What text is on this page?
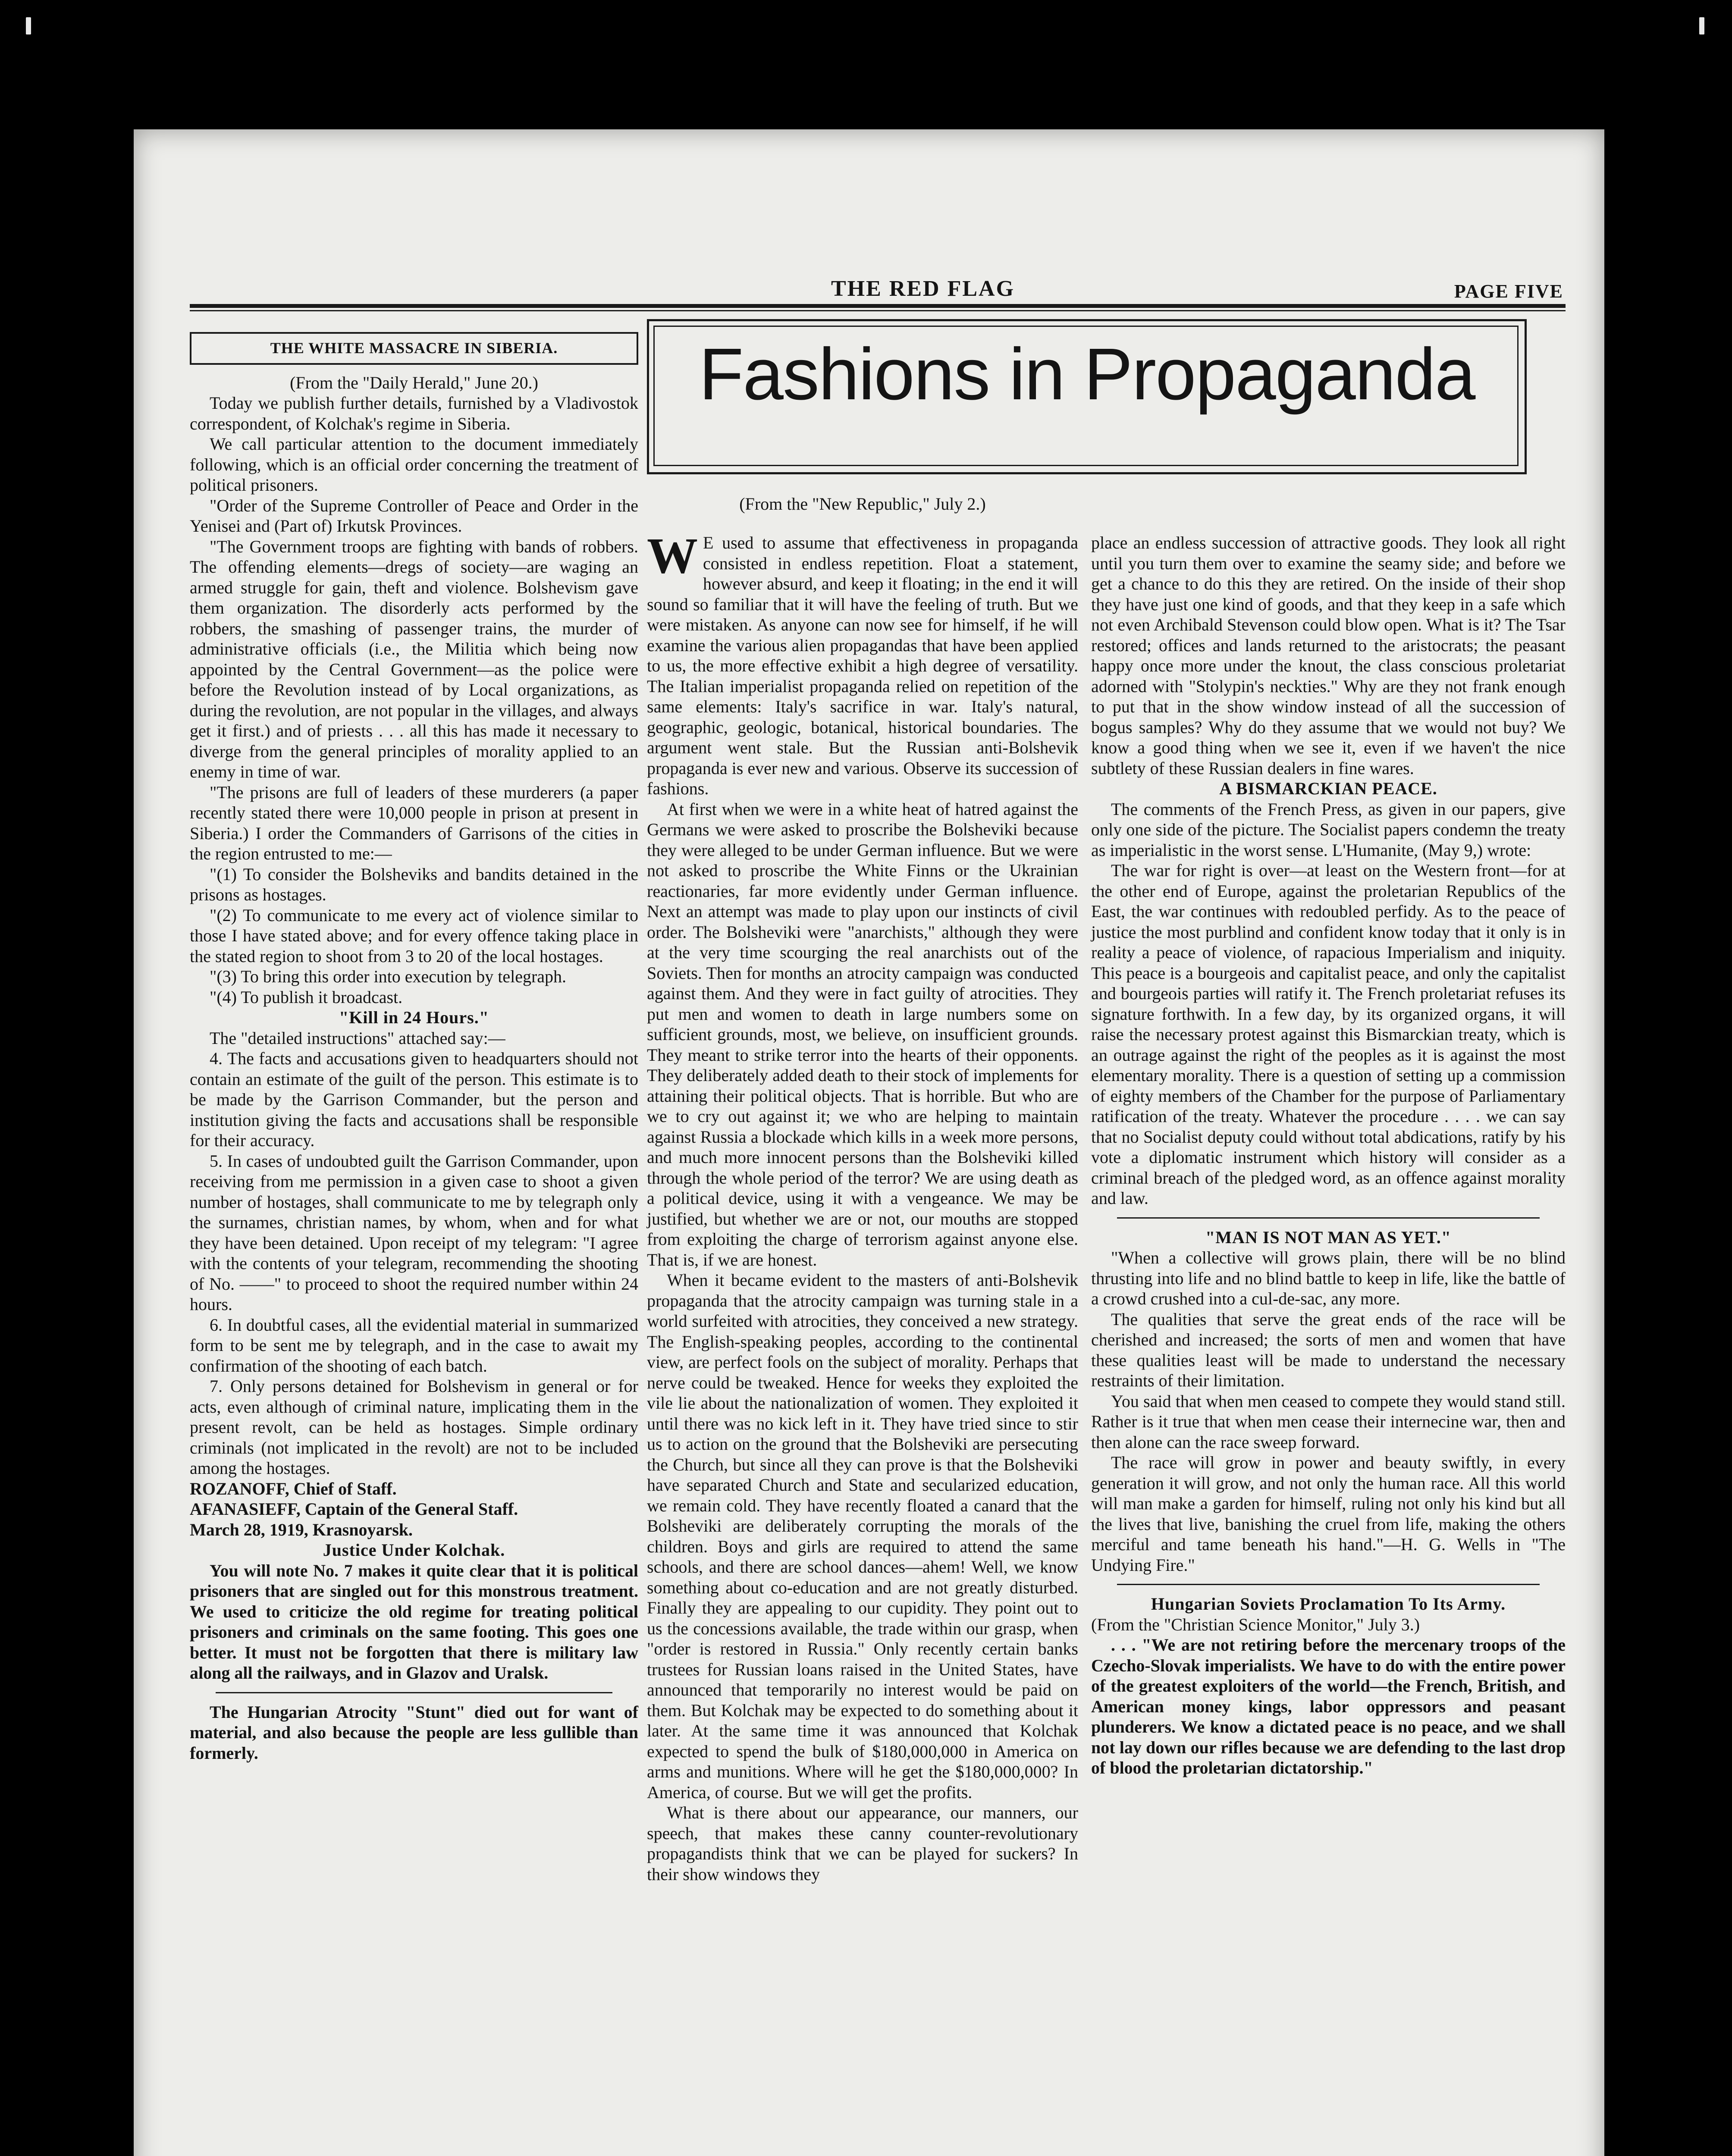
THE RED FLAG	PAGE FIVE
THE WHITE MASSACRE IN SIBERIA.

(From the "Daily Herald," June 20.)

Today we publish further details, furnished by a Vladivostok correspondent, of Kolchak's regime in Siberia.

We call particular attention to the document immediately following, which is an official order concerning the treatment of political prisoners.

"Order of the Supreme Controller of Peace and Order in the Yenisei and (Part of) Irkutsk Provinces.

"The Government troops are fighting with bands of robbers. The offending elements—dregs of society—are waging an armed struggle for gain, theft and violence. Bolshevism gave them organization. The disorderly acts performed by the robbers, the smashing of passenger trains, the murder of administrative officials (i.e., the Militia which being now appointed by the Central Government—as the police were before the Revolution instead of by Local organizations, as during the revolution, are not popular in the villages, and always get it first.) and of priests . . . all this has made it necessary to diverge from the general principles of morality applied to an enemy in time of war.

"The prisons are full of leaders of these murderers (a paper recently stated there were 10,000 people in prison at present in Siberia.) I order the Commanders of Garrisons of the cities in the region entrusted to me:—

"(1) To consider the Bolsheviks and bandits detained in the prisons as hostages.

"(2) To communicate to me every act of violence similar to those I have stated above; and for every offence taking place in the stated region to shoot from 3 to 20 of the local hostages.

"(3) To bring this order into execution by telegraph.

"(4) To publish it broadcast.

"Kill in 24 Hours."

The "detailed instructions" attached say:—

4. The facts and accusations given to headquarters should not contain an estimate of the guilt of the person. This estimate is to be made by the Garrison Commander, but the person and institution giving the facts and accusations shall be responsible for their accuracy.

5. In cases of undoubted guilt the Garrison Commander, upon receiving from me permission in a given case to shoot a given number of hostages, shall communicate to me by telegraph only the surnames, christian names, by whom, when and for what they have been detained. Upon receipt of my telegram: "I agree with the contents of your telegram, recommending the shooting of No. ——" to proceed to shoot the required number within 24 hours.

6. In doubtful cases, all the evidential material in summarized form to be sent me by telegraph, and in the case to await my confirmation of the shooting of each batch.

7. Only persons detained for Bolshevism in general or for acts, even although of criminal nature, implicating them in the present revolt, can be held as hostages. Simple ordinary criminals (not implicated in the revolt) are not to be included among the hostages.

ROZANOFF, Chief of Staff.

AFANASIEFF, Captain of the General Staff.

March 28, 1919, Krasnoyarsk.

Justice Under Kolchak.

You will note No. 7 makes it quite clear that it is political prisoners that are singled out for this monstrous treatment. We used to criticize the old regime for treating political prisoners and criminals on the same footing. This goes one better. It must not be forgotten that there is military law along all the railways, and in Glazov and Uralsk.

The Hungarian Atrocity "Stunt" died out for want of material, and also because the people are less gullible than formerly.

Fashions in Propaganda
(From the "New Republic," July 2.)

W E used to assume that effectiveness in propaganda consisted in endless repetition. Float a statement, however absurd, and keep it floating; in the end it will sound so familiar that it will have the feeling of truth. But we were mistaken. As anyone can now see for himself, if he will examine the various alien propagandas that have been applied to us, the more effective exhibit a high degree of versatility. The Italian imperialist propaganda relied on repetition of the same elements: Italy's sacrifice in war. Italy's natural, geographic, geologic, botanical, historical boundaries. The argument went stale. But the Russian anti-Bolshevik propaganda is ever new and various. Observe its succession of fashions.

At first when we were in a white heat of hatred against the Germans we were asked to proscribe the Bolsheviki because they were alleged to be under German influence. But we were not asked to proscribe the White Finns or the Ukrainian reactionaries, far more evidently under German influence. Next an attempt was made to play upon our instincts of civil order. The Bolsheviki were "anarchists," although they were at the very time scourging the real anarchists out of the Soviets. Then for months an atrocity campaign was conducted against them. And they were in fact guilty of atrocities. They put men and women to death in large numbers some on sufficient grounds, most, we believe, on insufficient grounds. They meant to strike terror into the hearts of their opponents. They deliberately added death to their stock of implements for attaining their political objects. That is horrible. But who are we to cry out against it; we who are helping to maintain against Russia a blockade which kills in a week more persons, and much more innocent persons than the Bolsheviki killed through the whole period of the terror? We are using death as a political device, using it with a vengeance. We may be justified, but whether we are or not, our mouths are stopped from exploiting the charge of terrorism against anyone else. That is, if we are honest.

When it became evident to the masters of anti-Bolshevik propaganda that the atrocity campaign was turning stale in a world surfeited with atrocities, they conceived a new strategy. The English-speaking peoples, according to the continental view, are perfect fools on the subject of morality. Perhaps that nerve could be tweaked. Hence for weeks they exploited the vile lie about the nationalization of women. They exploited it until there was no kick left in it. They have tried since to stir us to action on the ground that the Bolsheviki are persecuting the Church, but since all they can prove is that the Bolsheviki have separated Church and State and secularized education, we remain cold. They have recently floated a canard that the Bolsheviki are deliberately corrupting the morals of the children. Boys and girls are required to attend the same schools, and there are school dances—ahem! Well, we know something about co-education and are not greatly disturbed. Finally they are appealing to our cupidity. They point out to us the concessions available, the trade within our grasp, when "order is restored in Russia." Only recently certain banks trustees for Russian loans raised in the United States, have announced that temporarily no interest would be paid on them. But Kolchak may be expected to do something about it later. At the same time it was announced that Kolchak expected to spend the bulk of $180,000,000 in America on arms and munitions. Where will he get the $180,000,000? In America, of course. But we will get the profits.

What is there about our appearance, our manners, our speech, that makes these canny counter-revolutionary propagandists think that we can be played for suckers? In their show windows they

place an endless succession of attractive goods. They look all right until you turn them over to examine the seamy side; and before we get a chance to do this they are retired. On the inside of their shop they have just one kind of goods, and that they keep in a safe which not even Archibald Stevenson could blow open. What is it? The Tsar restored; offices and lands returned to the aristocrats; the peasant happy once more under the knout, the class conscious proletariat adorned with "Stolypin's neckties." Why are they not frank enough to put that in the show window instead of all the succession of bogus samples? Why do they assume that we would not buy? We know a good thing when we see it, even if we haven't the nice subtlety of these Russian dealers in fine wares.

A BISMARCKIAN PEACE.

The comments of the French Press, as given in our papers, give only one side of the picture. The Socialist papers condemn the treaty as imperialistic in the worst sense. L'Humanite, (May 9,) wrote:

The war for right is over—at least on the Western front—for at the other end of Europe, against the proletarian Republics of the East, the war continues with redoubled perfidy. As to the peace of justice the most purblind and confident know today that it only is in reality a peace of violence, of rapacious Imperialism and iniquity. This peace is a bourgeois and capitalist peace, and only the capitalist and bourgeois parties will ratify it. The French proletariat refuses its signature forthwith. In a few day, by its organized organs, it will raise the necessary protest against this Bismarckian treaty, which is an outrage against the right of the peoples as it is against the most elementary morality. There is a question of setting up a commission of eighty members of the Chamber for the purpose of Parliamentary ratification of the treaty. Whatever the procedure . . . . we can say that no Socialist deputy could without total abdications, ratify by his vote a diplomatic instrument which history will consider as a criminal breach of the pledged word, as an offence against morality and law.

"MAN IS NOT MAN AS YET."

"When a collective will grows plain, there will be no blind thrusting into life and no blind battle to keep in life, like the battle of a crowd crushed into a cul-de-sac, any more.

The qualities that serve the great ends of the race will be cherished and increased; the sorts of men and women that have these qualities least will be made to understand the necessary restraints of their limitation.

You said that when men ceased to compete they would stand still. Rather is it true that when men cease their internecine war, then and then alone can the race sweep forward.

The race will grow in power and beauty swiftly, in every generation it will grow, and not only the human race. All this world will man make a garden for himself, ruling not only his kind but all the lives that live, banishing the cruel from life, making the others merciful and tame beneath his hand."—H. G. Wells in "The Undying Fire."

Hungarian Soviets Proclamation To Its Army.

(From the "Christian Science Monitor," July 3.)

. . . "We are not retiring before the mercenary troops of the Czecho-Slovak imperialists. We have to do with the entire power of the greatest exploiters of the world—the French, British, and American money kings, labor oppressors and peasant plunderers. We know a dictated peace is no peace, and we shall not lay down our rifles because we are defending to the last drop of blood the proletarian dictatorship."
